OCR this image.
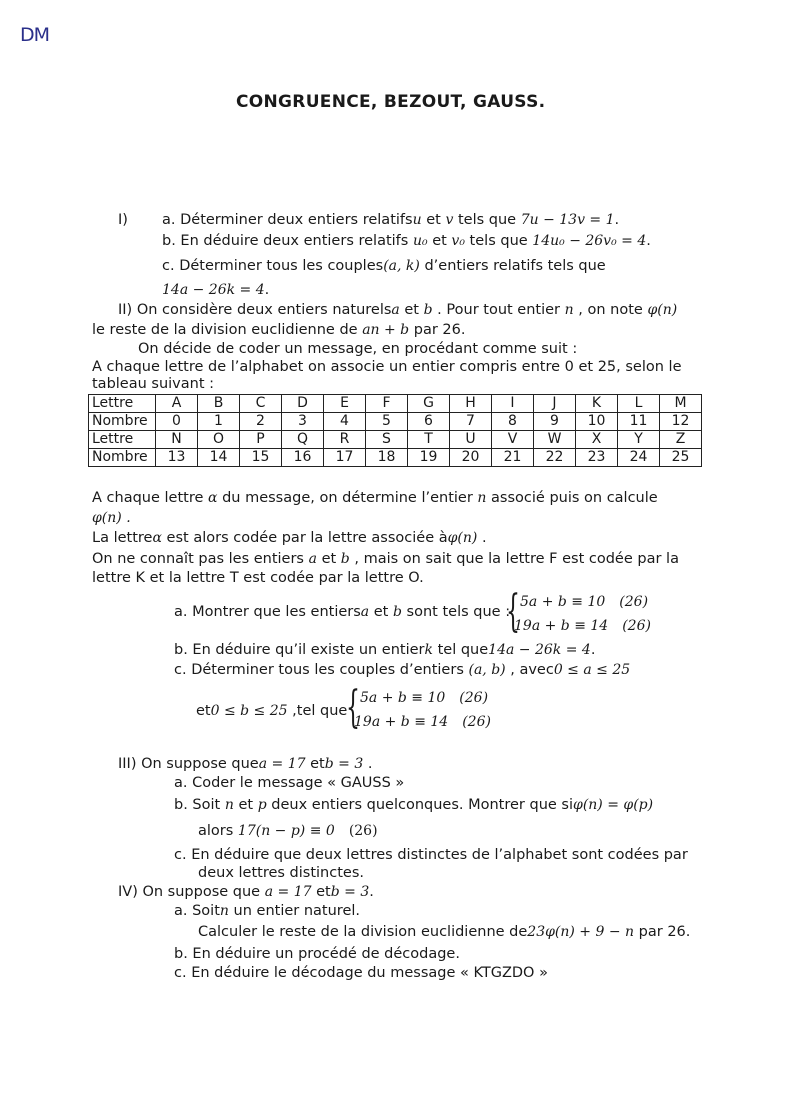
DM
CONGRUENCE, BEZOUT, GAUSS.
I) a. Déterminer deux entiers relatifsu et v tels que 7u − 13v = 1.
b. En déduire deux entiers relatifs u₀ et v₀ tels que 14u₀ − 26v₀ = 4.
c. Déterminer tous les couples(a, k) d’entiers relatifs tels que
14a − 26k = 4.
II) On considère deux entiers naturelsa et b . Pour tout entier n , on note φ(n)
le reste de la division euclidienne de an + b par 26.
On décide de coder un message, en procédant comme suit :
A chaque lettre de l’alphabet on associe un entier compris entre 0 et 25, selon le
tableau suivant :
Lettre	A	B	C	D	E	F	G	H	I	J	K	L	M
Nombre	0	1	2	3	4	5	6	7	8	9	10	11	12
Lettre	N	O	P	Q	R	S	T	U	V	W	X	Y	Z
Nombre	13	14	15	16	17	18	19	20	21	22	23	24	25
A chaque lettre α du message, on détermine l’entier n associé puis on calcule
φ(n) .
La lettreα est alors codée par la lettre associée àφ(n) .
On ne connaît pas les entiers a et b , mais on sait que la lettre F est codée par la
lettre K et la lettre T est codée par la lettre O.
a. Montrer que les entiersa et b sont tels que :
{ 5a + b ≡ 10 (26)
19a + b ≡ 14 (26)
b. En déduire qu’il existe un entierk tel que14a − 26k = 4.
c. Déterminer tous les couples d’entiers (a, b) , avec0 ≤ a ≤ 25
et0 ≤ b ≤ 25 ,tel que
{ 5a + b ≡ 10 (26)
19a + b ≡ 14 (26)
III) On suppose quea = 17 etb = 3 .
a. Coder le message « GAUSS »
b. Soit n et p deux entiers quelconques. Montrer que siφ(n) = φ(p)
alors 17(n − p) ≡ 0 (26)
c. En déduire que deux lettres distinctes de l’alphabet sont codées par
deux lettres distinctes.
IV) On suppose que a = 17 etb = 3.
a. Soitn un entier naturel.
Calculer le reste de la division euclidienne de23φ(n) + 9 − n par 26.
b. En déduire un procédé de décodage.
c. En déduire le décodage du message « KTGZDO »
